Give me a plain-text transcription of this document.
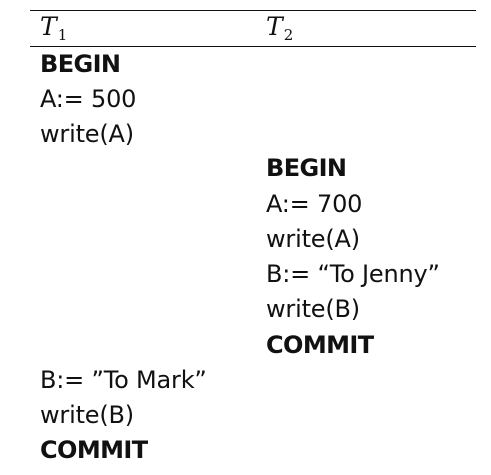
$T_1$	$T_2$
BEGIN
A:= 500
write(A)
BEGIN
A:= 700
write(A)
B:= “To Jenny”
write(B)
COMMIT
B:= ”To Mark”
write(B)
COMMIT
